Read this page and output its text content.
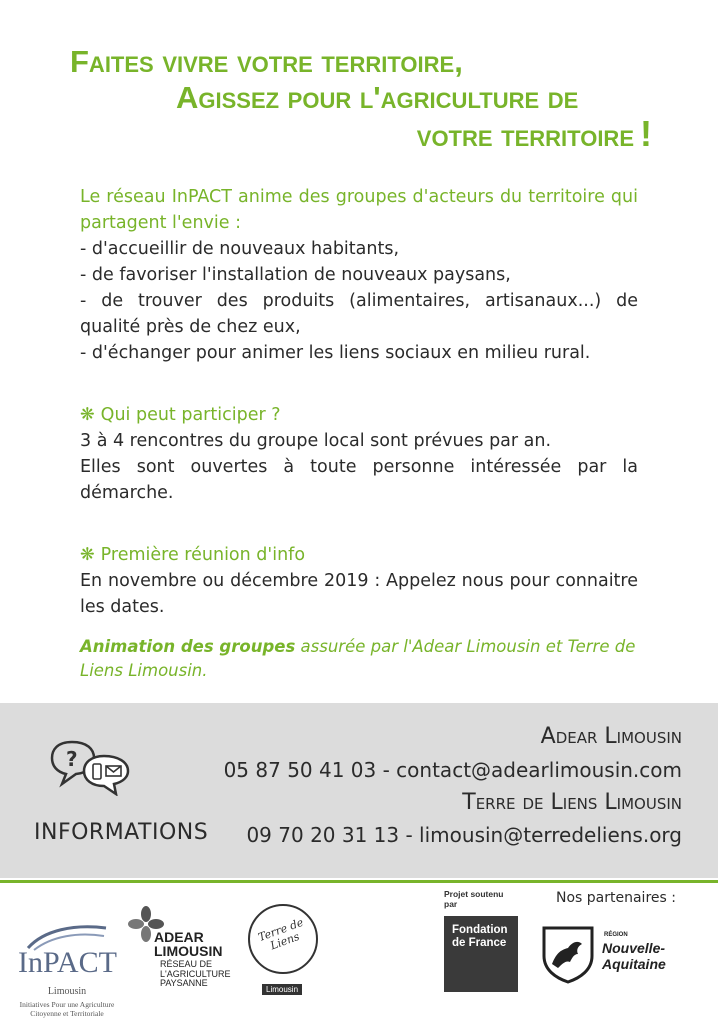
Faites vivre votre territoire,
Agissez pour l'agriculture de
votre territoire !

Le réseau InPACT anime des groupes d'acteurs du territoire qui partagent l'envie :

- d'accueillir de nouveaux habitants,

- de favoriser l'installation de nouveaux paysans,

- de trouver des produits (alimentaires, artisanaux...) de qualité près de chez eux,

- d'échanger pour animer les liens sociaux en milieu rural.

❋ Qui peut participer ?
3 à 4 rencontres du groupe local sont prévues par an.
Elles sont ouvertes à toute personne intéressée par la démarche.
❋ Première réunion d'info
En novembre ou décembre 2019 : Appelez nous pour connaitre les dates.
Animation des groupes assurée par l'Adear Limousin et Terre de Liens Limousin.
?
INFORMATIONS
Adear Limousin
05 87 50 41 03 - contact@adearlimousin.com
Terre de Liens Limousin
09 70 20 31 13 - limousin@terredeliens.org
InPACT
Limousin
Initiatives Pour une Agriculture Citoyenne et Territoriale
ADEAR LIMOUSIN
RÉSEAU DE L'AGRICULTURE PAYSANNE
Terre de Liens
Limousin
Projet soutenu par
Fondation de France
Nos partenaires :
RÉGION
Nouvelle-Aquitaine
